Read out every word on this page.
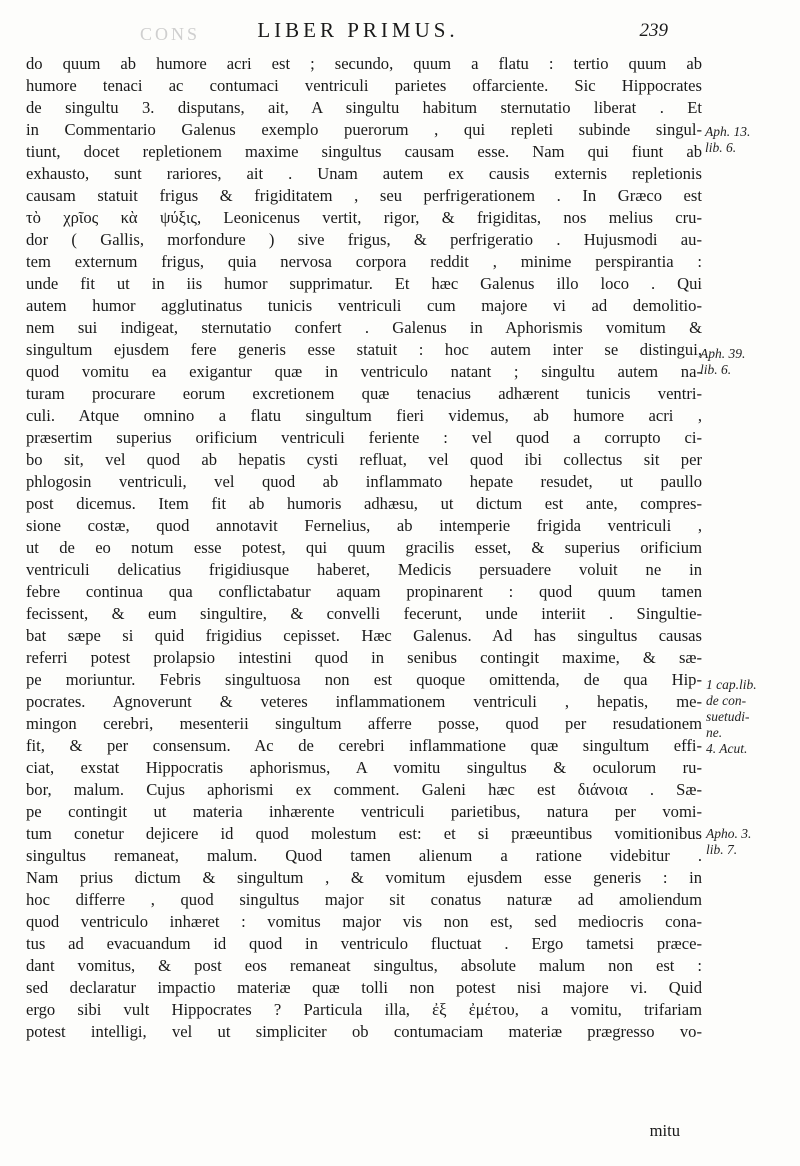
CONS	LIBER PRIMUS.	239
do quum ab humore acri est ; secundo, quum a flatu : tertio quum ab
humore tenaci ac contumaci ventriculi parietes offarciente. Sic Hippocrates
de singultu 3. disputans, ait, A singultu habitum sternutatio liberat . Et
in Commentario Galenus exemplo puerorum , qui repleti subinde singul-
tiunt, docet repletionem maxime singultus causam esse. Nam qui fiunt ab
exhausto, sunt rariores, ait . Unam autem ex causis externis repletionis
causam statuit frigus & frigiditatem , seu perfrigerationem . In Græco est
τὸ χρῖος κὰ ψύξις, Leonicenus vertit, rigor, & frigiditas, nos melius cru-
dor ( Gallis, morfondure ) sive frigus, & perfrigeratio . Hujusmodi au-
tem externum frigus, quia nervosa corpora reddit , minime perspirantia :
unde fit ut in iis humor supprimatur. Et hæc Galenus illo loco . Qui
autem humor agglutinatus tunicis ventriculi cum majore vi ad demolitio-
nem sui indigeat, sternutatio confert . Galenus in Aphorismis vomitum &
singultum ejusdem fere generis esse statuit : hoc autem inter se distingui,
quod vomitu ea exigantur quæ in ventriculo natant ; singultu autem na-
turam procurare eorum excretionem quæ tenacius adhærent tunicis ventri-
culi. Atque omnino a flatu singultum fieri videmus, ab humore acri ,
præsertim superius orificium ventriculi feriente : vel quod a corrupto ci-
bo sit, vel quod ab hepatis cysti refluat, vel quod ibi collectus sit per
phlogosin ventriculi, vel quod ab inflammato hepate resudet, ut paullo
post dicemus. Item fit ab humoris adhæsu, ut dictum est ante, compres-
sione costæ, quod annotavit Fernelius, ab intemperie frigida ventriculi ,
ut de eo notum esse potest, qui quum gracilis esset, & superius orificium
ventriculi delicatius frigidiusque haberet, Medicis persuadere voluit ne in
febre continua qua conflictabatur aquam propinarent : quod quum tamen
fecissent, & eum singultire, & convelli fecerunt, unde interiit . Singultie-
bat sæpe si quid frigidius cepisset. Hæc Galenus. Ad has singultus causas
referri potest prolapsio intestini quod in senibus contingit maxime, & sæ-
pe moriuntur. Febris singultuosa non est quoque omittenda, de qua Hip-
pocrates. Agnoverunt & veteres inflammationem ventriculi , hepatis, me-
mingon cerebri, mesenterii singultum afferre posse, quod per resudationem
fit, & per consensum. Ac de cerebri inflammatione quæ singultum effi-
ciat, exstat Hippocratis aphorismus, A vomitu singultus & oculorum ru-
bor, malum. Cujus aphorismi ex comment. Galeni hæc est διάνοια . Sæ-
pe contingit ut materia inhærente ventriculi parietibus, natura per vomi-
tum conetur dejicere id quod molestum est: et si præeuntibus vomitionibus
singultus remaneat, malum. Quod tamen alienum a ratione videbitur .
Nam prius dictum & singultum , & vomitum ejusdem esse generis : in
hoc differre , quod singultus major sit conatus naturæ ad amoliendum
quod ventriculo inhæret : vomitus major vis non est, sed mediocris cona-
tus ad evacuandum id quod in ventriculo fluctuat . Ergo tametsi præce-
dant vomitus, & post eos remaneat singultus, absolute malum non est :
sed declaratur impactio materiæ quæ tolli non potest nisi majore vi. Quid
ergo sibi vult Hippocrates ? Particula illa, ἐξ ἐμέτου, a vomitu, trifariam
potest intelligi, vel ut simpliciter ob contumaciam materiæ prægresso vo-
Aph. 13.
lib. 6.
Aph. 39.
lib. 6.
1 cap.lib.
de con-
suetudi-
ne.
4. Acut.
Apho. 3.
lib. 7.
mitu
